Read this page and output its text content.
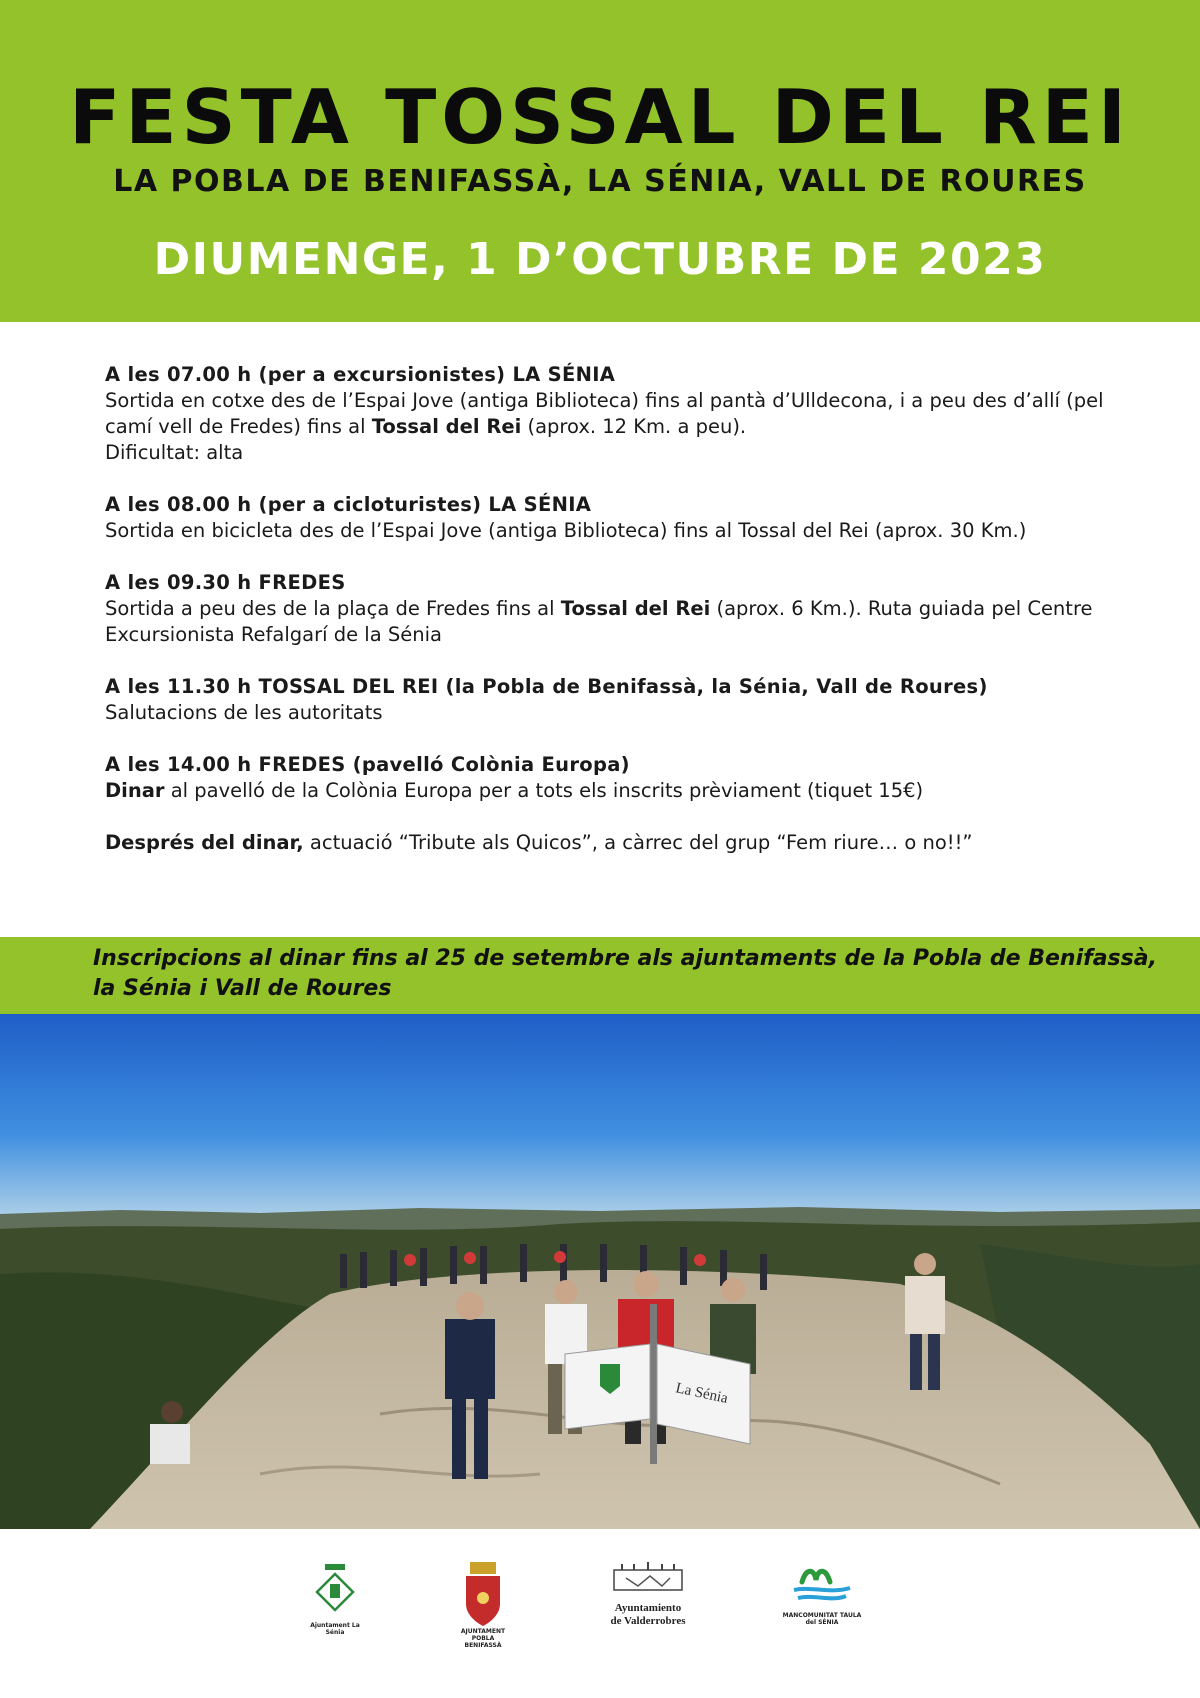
FESTA TOSSAL DEL REI
LA POBLA DE BENIFASSÀ, LA SÉNIA, VALL DE ROURES
DIUMENGE, 1 D’OCTUBRE DE 2023
A les 07.00 h (per a excursionistes) LA SÉNIA

Sortida en cotxe des de l’Espai Jove (antiga Biblioteca) fins al pantà d’Ulldecona, i a peu des d’allí (pel camí vell de Fredes) fins al Tossal del Rei (aprox. 12 Km. a peu).

Dificultat: alta

A les 08.00 h (per a cicloturistes) LA SÉNIA

Sortida en bicicleta des de l’Espai Jove (antiga Biblioteca) fins al Tossal del Rei (aprox. 30 Km.)

A les 09.30 h FREDES

Sortida a peu des de la plaça de Fredes fins al Tossal del Rei (aprox. 6 Km.). Ruta guiada pel Centre Excursionista Refalgarí de la Sénia

A les 11.30 h TOSSAL DEL REI (la Pobla de Benifassà, la Sénia, Vall de Roures)

Salutacions de les autoritats

A les 14.00 h FREDES (pavelló Colònia Europa)

Dinar al pavelló de la Colònia Europa per a tots els inscrits prèviament (tiquet 15€)

Després del dinar, actuació “Tribute als Quicos”, a càrrec del grup “Fem riure… o no!!”

Inscripcions al dinar fins al 25 de setembre als ajuntaments de la Pobla de Benifassà, la Sénia i Vall de Roures
La Sénia
Ajuntament La Sénia	AJUNTAMENT POBLA BENIFASSÀ
Ayuntamiento de Valderrobres	MANCOMUNITAT TAULA del SÉNIA
